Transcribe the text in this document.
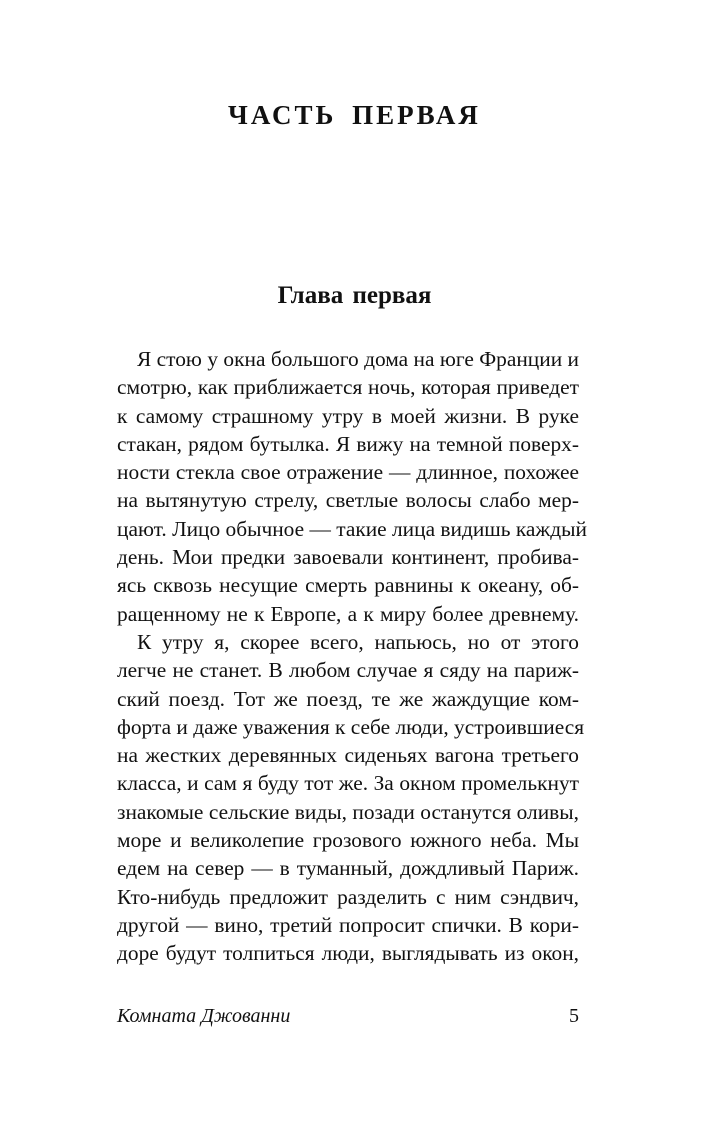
ЧАСТЬ ПЕРВАЯ
Глава первая
Я стою у окна большого дома на юге Франции и
смотрю, как приближается ночь, которая приведет
к самому страшному утру в моей жизни. В руке
стакан, рядом бутылка. Я вижу на темной поверх-
ности стекла свое отражение — длинное, похожее
на вытянутую стрелу, светлые волосы слабо мер-
цают. Лицо обычное — такие лица видишь каждый
день. Мои предки завоевали континент, пробива-
ясь сквозь несущие смерть равнины к океану, об-
ращенному не к Европе, а к миру более древнему.
К утру я, скорее всего, напьюсь, но от этого
легче не станет. В любом случае я сяду на париж-
ский поезд. Тот же поезд, те же жаждущие ком-
форта и даже уважения к себе люди, устроившиеся
на жестких деревянных сиденьях вагона третьего
класса, и сам я буду тот же. За окном промелькнут
знакомые сельские виды, позади останутся оливы,
море и великолепие грозового южного неба. Мы
едем на север — в туманный, дождливый Париж.
Кто-нибудь предложит разделить с ним сэндвич,
другой — вино, третий попросит спички. В кори-
доре будут толпиться люди, выглядывать из окон,
Комната Джованни	5
